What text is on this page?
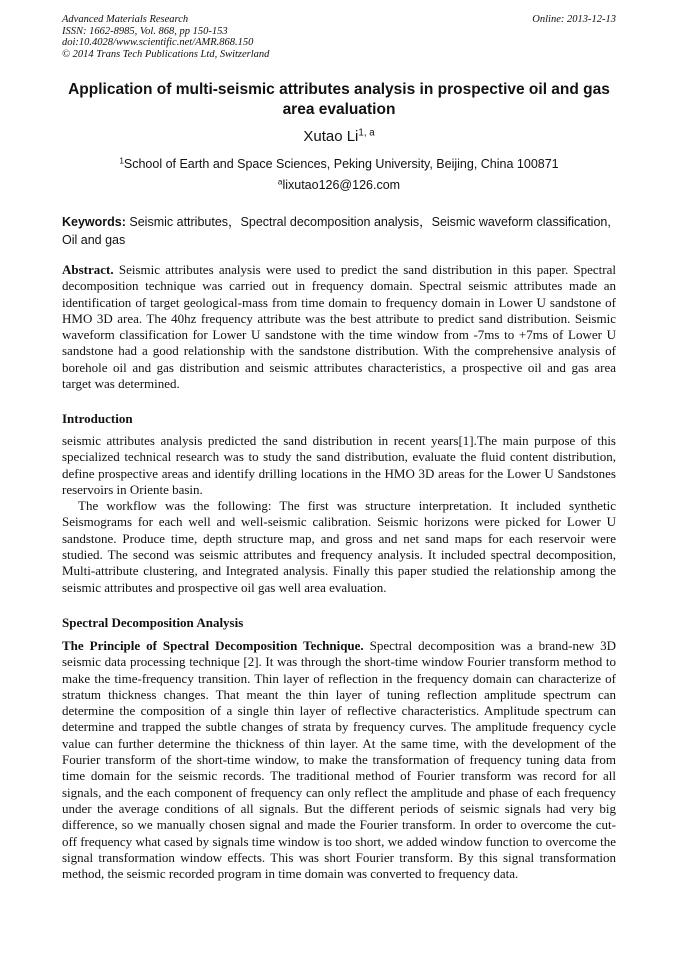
Advanced Materials Research
ISSN: 1662-8985, Vol. 868, pp 150-153
doi:10.4028/www.scientific.net/AMR.868.150
© 2014 Trans Tech Publications Ltd, Switzerland
Online: 2013-12-13
Application of multi-seismic attributes analysis in prospective oil and gas area evaluation
Xutao Li$^{1, a}$
$^1$School of Earth and Space Sciences, Peking University, Beijing, China 100871
$^a$lixutao126@126.com
Keywords: Seismic attributes，Spectral decomposition analysis，Seismic waveform classification, Oil and gas

Abstract. Seismic attributes analysis were used to predict the sand distribution in this paper. Spectral decomposition technique was carried out in frequency domain. Spectral seismic attributes made an identification of target geological-mass from time domain to frequency domain in Lower U sandstone of HMO 3D area. The 40hz frequency attribute was the best attribute to predict sand distribution. Seismic waveform classification for Lower U sandstone with the time window from -7ms to +7ms of Lower U sandstone had a good relationship with the sandstone distribution. With the comprehensive analysis of borehole oil and gas distribution and seismic attributes characteristics, a prospective oil and gas area target was determined.

Introduction

seismic attributes analysis predicted the sand distribution in recent years[1].The main purpose of this specialized technical research was to study the sand distribution, evaluate the fluid content distribution, define prospective areas and identify drilling locations in the HMO 3D areas for the Lower U Sandstones reservoirs in Oriente basin.

The workflow was the following: The first was structure interpretation. It included synthetic Seismograms for each well and well-seismic calibration. Seismic horizons were picked for Lower U sandstone. Produce time, depth structure map, and gross and net sand maps for each reservoir were studied. The second was seismic attributes and frequency analysis. It included spectral decomposition, Multi-attribute clustering, and Integrated analysis. Finally this paper studied the relationship among the seismic attributes and prospective oil gas well area evaluation.

Spectral Decomposition Analysis

The Principle of Spectral Decomposition Technique. Spectral decomposition was a brand-new 3D seismic data processing technique [2]. It was through the short-time window Fourier transform method to make the time-frequency transition. Thin layer of reflection in the frequency domain can characterize of stratum thickness changes. That meant the thin layer of tuning reflection amplitude spectrum can determine the composition of a single thin layer of reflective characteristics. Amplitude spectrum can determine and trapped the subtle changes of strata by frequency curves. The amplitude frequency cycle value can further determine the thickness of thin layer. At the same time, with the development of the Fourier transform of the short-time window, to make the transformation of frequency tuning data from time domain for the seismic records. The traditional method of Fourier transform was record for all signals, and the each component of frequency can only reflect the amplitude and phase of each frequency under the average conditions of all signals. But the different periods of seismic signals had very big difference, so we manually chosen signal and made the Fourier transform. In order to overcome the cut-off frequency what cased by signals time window is too short, we added window function to overcome the signal transformation window effects. This was short Fourier transform. By this signal transformation method, the seismic recorded program in time domain was converted to frequency data.
